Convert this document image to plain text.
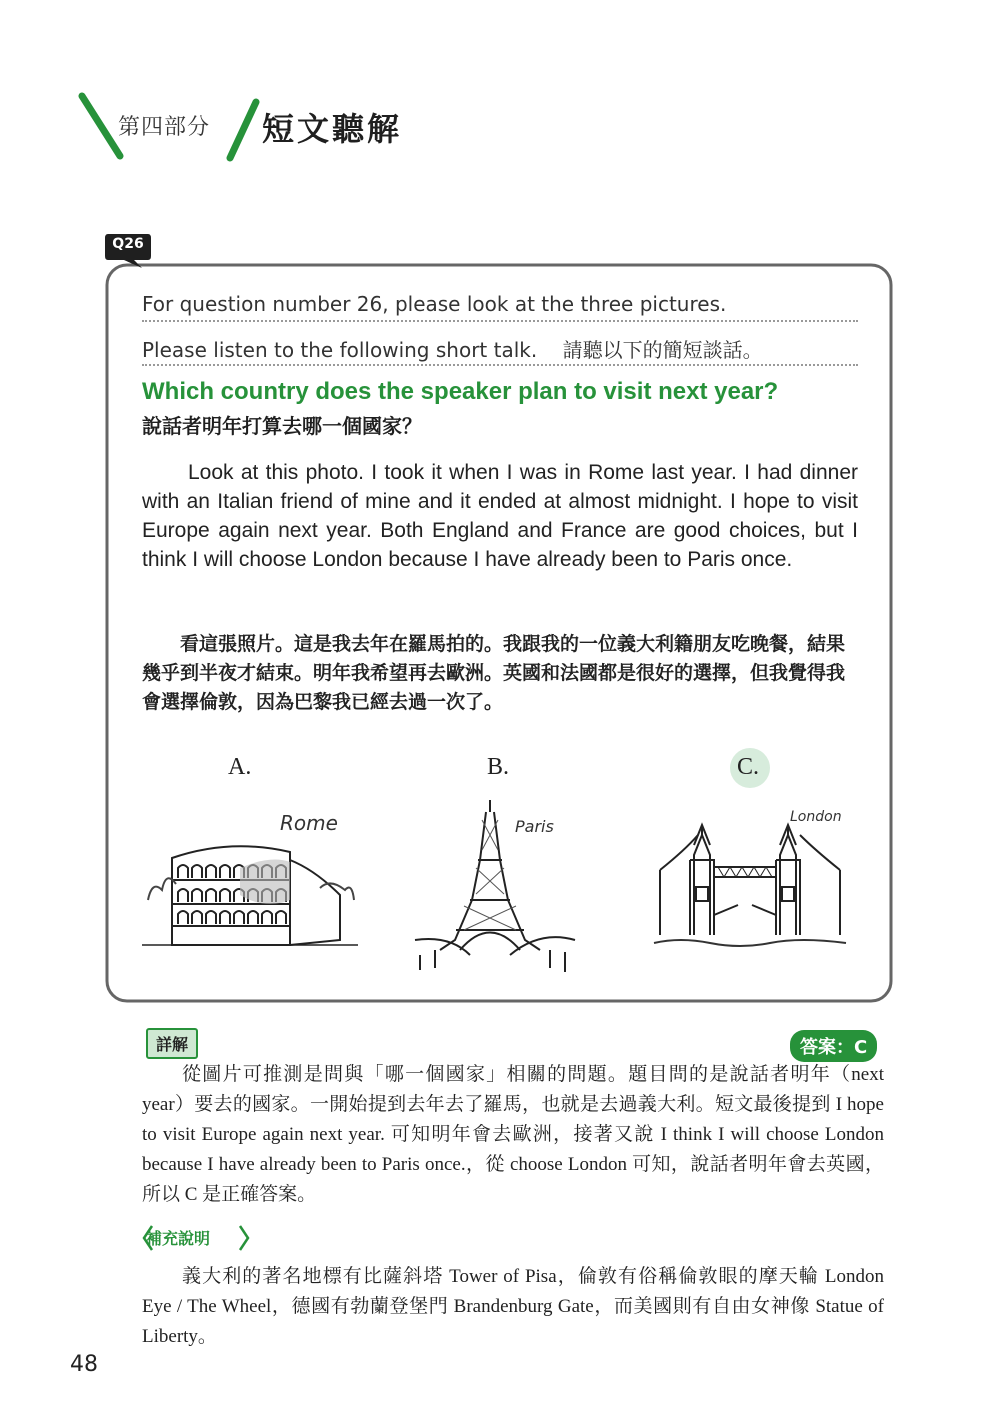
第四部分 短文聽解
Q26
For question number 26, please look at the three pictures.
Please listen to the following short talk. 請聽以下的簡短談話。
Which country does the speaker plan to visit next year?
說話者明年打算去哪一個國家？
Look at this photo. I took it when I was in Rome last year. I had dinner with an Italian friend of mine and it ended at almost midnight. I hope to visit Europe again next year. Both England and France are good choices, but I think I will choose London because I have already been to Paris once.
看這張照片。這是我去年在羅馬拍的。我跟我的一位義大利籍朋友吃晚餐，結果幾乎到半夜才結束。明年我希望再去歐洲。英國和法國都是很好的選擇，但我覺得我會選擇倫敦，因為巴黎我已經去過一次了。
A.	B.	C.
Rome	Paris	London
詳解	答案：C
從圖片可推測是問與「哪一個國家」相關的問題。題目問的是說話者明年（next year）要去的國家。一開始提到去年去了羅馬，也就是去過義大利。短文最後提到 I hope to visit Europe again next year. 可知明年會去歐洲，接著又說 I think I will choose London because I have already been to Paris once.，從 choose London 可知，說話者明年會去英國，所以 C 是正確答案。
補充說明
義大利的著名地標有比薩斜塔 Tower of Pisa，倫敦有俗稱倫敦眼的摩天輪 London Eye / The Wheel，德國有勃蘭登堡門 Brandenburg Gate，而美國則有自由女神像 Statue of Liberty。
48
